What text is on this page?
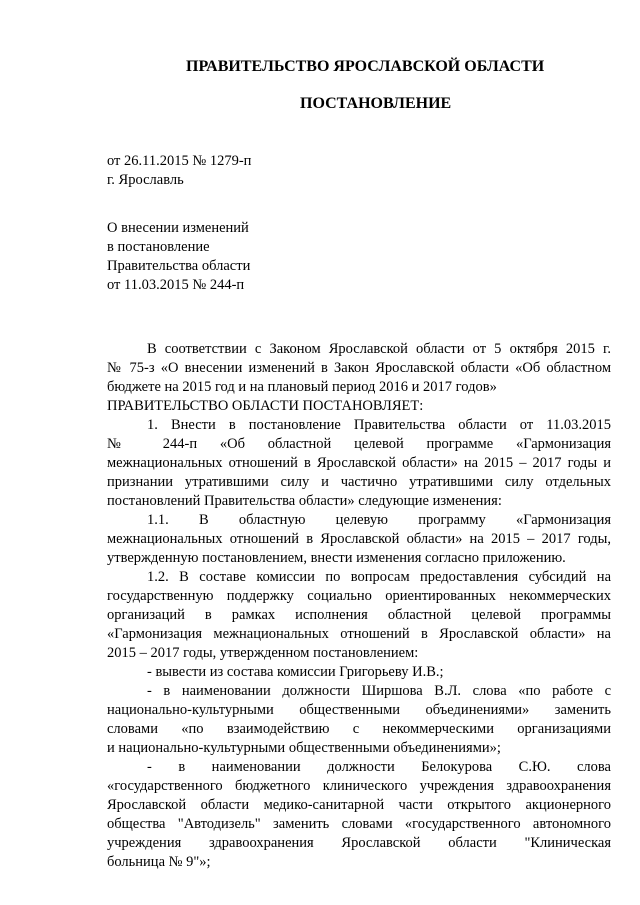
ПРАВИТЕЛЬСТВО ЯРОСЛАВСКОЙ ОБЛАСТИ
ПОСТАНОВЛЕНИЕ
от 26.11.2015 № 1279-п
г. Ярославль
О внесении изменений
в постановление
Правительства области
от 11.03.2015 № 244-п
В соответствии с Законом Ярославской области от 5 октября 2015 г.
№ 75-з «О внесении изменений в Закон Ярославской области «Об областном
бюджете на 2015 год и на плановый период 2016 и 2017 годов»
ПРАВИТЕЛЬСТВО ОБЛАСТИ ПОСТАНОВЛЯЕТ:
1. Внести в постановление Правительства области от 11.03.2015
№ 244-п «Об областной целевой программе «Гармонизация
межнациональных отношений в Ярославской области» на 2015 – 2017 годы и
признании утратившими силу и частично утратившими силу отдельных
постановлений Правительства области» следующие изменения:
1.1. В областную целевую программу «Гармонизация
межнациональных отношений в Ярославской области» на 2015 – 2017 годы,
утвержденную постановлением, внести изменения согласно приложению.
1.2. В составе комиссии по вопросам предоставления субсидий на
государственную поддержку социально ориентированных некоммерческих
организаций в рамках исполнения областной целевой программы
«Гармонизация межнациональных отношений в Ярославской области» на
2015 – 2017 годы, утвержденном постановлением:
- вывести из состава комиссии Григорьеву И.В.;
- в наименовании должности Ширшова В.Л. слова «по работе с
национально-культурными общественными объединениями» заменить
словами «по взаимодействию с некоммерческими организациями
и национально-культурными общественными объединениями»;
- в наименовании должности Белокурова С.Ю. слова
«государственного бюджетного клинического учреждения здравоохранения
Ярославской области медико-санитарной части открытого акционерного
общества "Автодизель" заменить словами «государственного автономного
учреждения здравоохранения Ярославской области "Клиническая
больница № 9"»;
